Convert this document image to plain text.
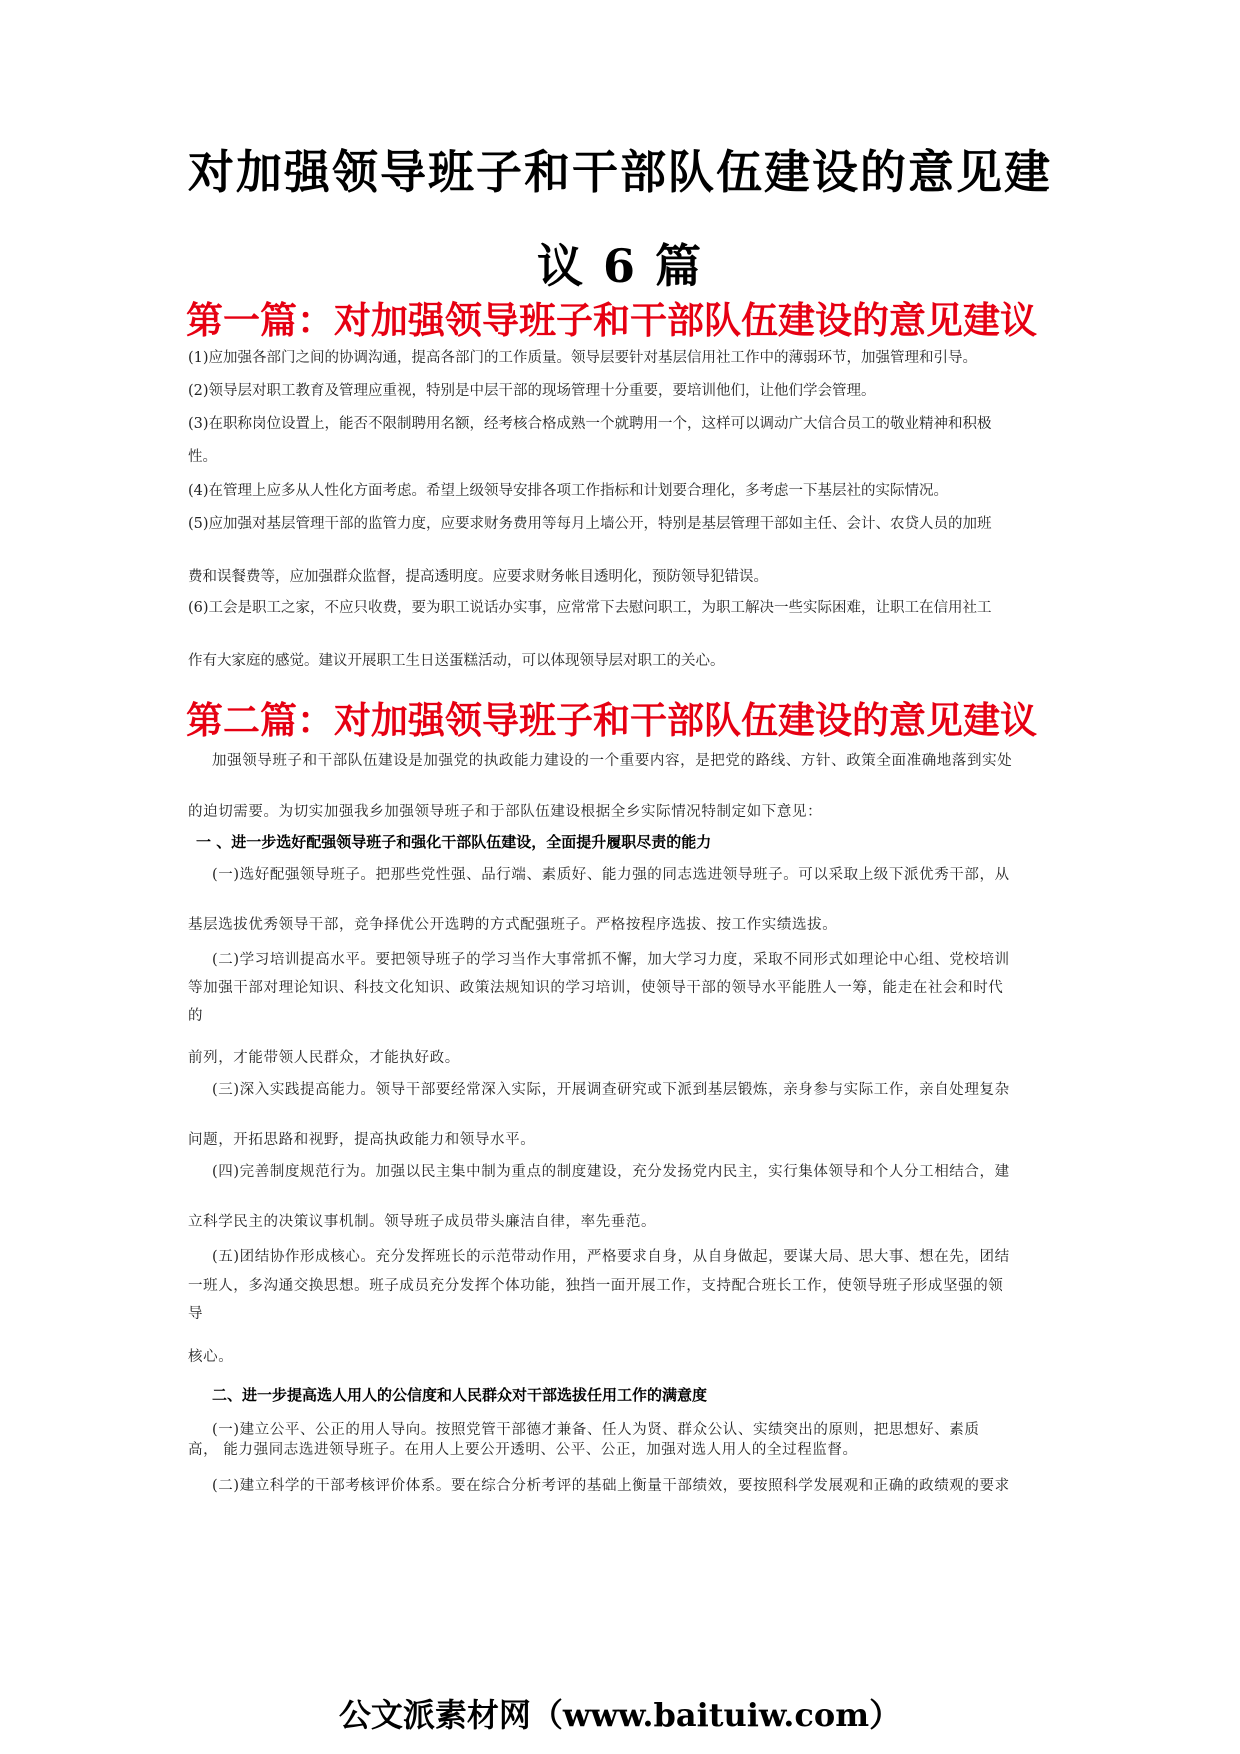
对加强领导班子和干部队伍建设的意见建
议 6 篇
第一篇：对加强领导班子和干部队伍建设的意见建议
(1)应加强各部门之间的协调沟通，提高各部门的工作质量。领导层要针对基层信用社工作中的薄弱环节，加强管理和引导。
(2)领导层对职工教育及管理应重视，特别是中层干部的现场管理十分重要，要培训他们，让他们学会管理。
(3)在职称岗位设置上，能否不限制聘用名额，经考核合格成熟一个就聘用一个，这样可以调动广大信合员工的敬业精神和积极
性。
(4)在管理上应多从人性化方面考虑。希望上级领导安排各项工作指标和计划要合理化，多考虑一下基层社的实际情况。
(5)应加强对基层管理干部的监管力度，应要求财务费用等每月上墙公开，特别是基层管理干部如主任、会计、农贷人员的加班
费和误餐费等，应加强群众监督，提高透明度。应要求财务帐目透明化，预防领导犯错误。
(6)工会是职工之家，不应只收费，要为职工说话办实事，应常常下去慰问职工，为职工解决一些实际困难，让职工在信用社工
作有大家庭的感觉。建议开展职工生日送蛋糕活动，可以体现领导层对职工的关心。
第二篇：对加强领导班子和干部队伍建设的意见建议
加强领导班子和干部队伍建设是加强党的执政能力建设的一个重要内容，是把党的路线、方针、政策全面准确地落到实处
的迫切需要。为切实加强我乡加强领导班子和于部队伍建设根据全乡实际情况特制定如下意见：
一 、进一步选好配强领导班子和强化干部队伍建设，全面提升履职尽责的能力
(一)选好配强领导班子。把那些党性强、品行端、素质好、能力强的同志选进领导班子。可以采取上级下派优秀干部，从
基层选拔优秀领导干部，竞争择优公开选聘的方式配强班子。严格按程序选拔、按工作实绩选拔。
(二)学习培训提高水平。要把领导班子的学习当作大事常抓不懈，加大学习力度，采取不同形式如理论中心组、党校培训
等加强干部对理论知识、科技文化知识、政策法规知识的学习培训，使领导干部的领导水平能胜人一筹，能走在社会和时代
的
前列，才能带领人民群众，才能执好政。
(三)深入实践提高能力。领导干部要经常深入实际，开展调查研究或下派到基层锻炼，亲身参与实际工作，亲自处理复杂
问题，开拓思路和视野，提高执政能力和领导水平。
(四)完善制度规范行为。加强以民主集中制为重点的制度建设，充分发扬党内民主，实行集体领导和个人分工相结合，建
立科学民主的决策议事机制。领导班子成员带头廉洁自律，率先垂范。
(五)团结协作形成核心。充分发挥班长的示范带动作用，严格要求自身，从自身做起，要谋大局、思大事、想在先，团结
一班人，多沟通交换思想。班子成员充分发挥个体功能，独挡一面开展工作，支持配合班长工作，使领导班子形成坚强的领
导
核心。
二、进一步提高选人用人的公信度和人民群众对干部选拔任用工作的满意度
(一)建立公平、公正的用人导向。按照党管干部德才兼备、任人为贤、群众公认、实绩突出的原则，把思想好、素质
高， 能力强同志选进领导班子。在用人上要公开透明、公平、公正，加强对选人用人的全过程监督。
(二)建立科学的干部考核评价体系。要在综合分析考评的基础上衡量干部绩效，要按照科学发展观和正确的政绩观的要求
公文派素材网（www.baituiw.com）
